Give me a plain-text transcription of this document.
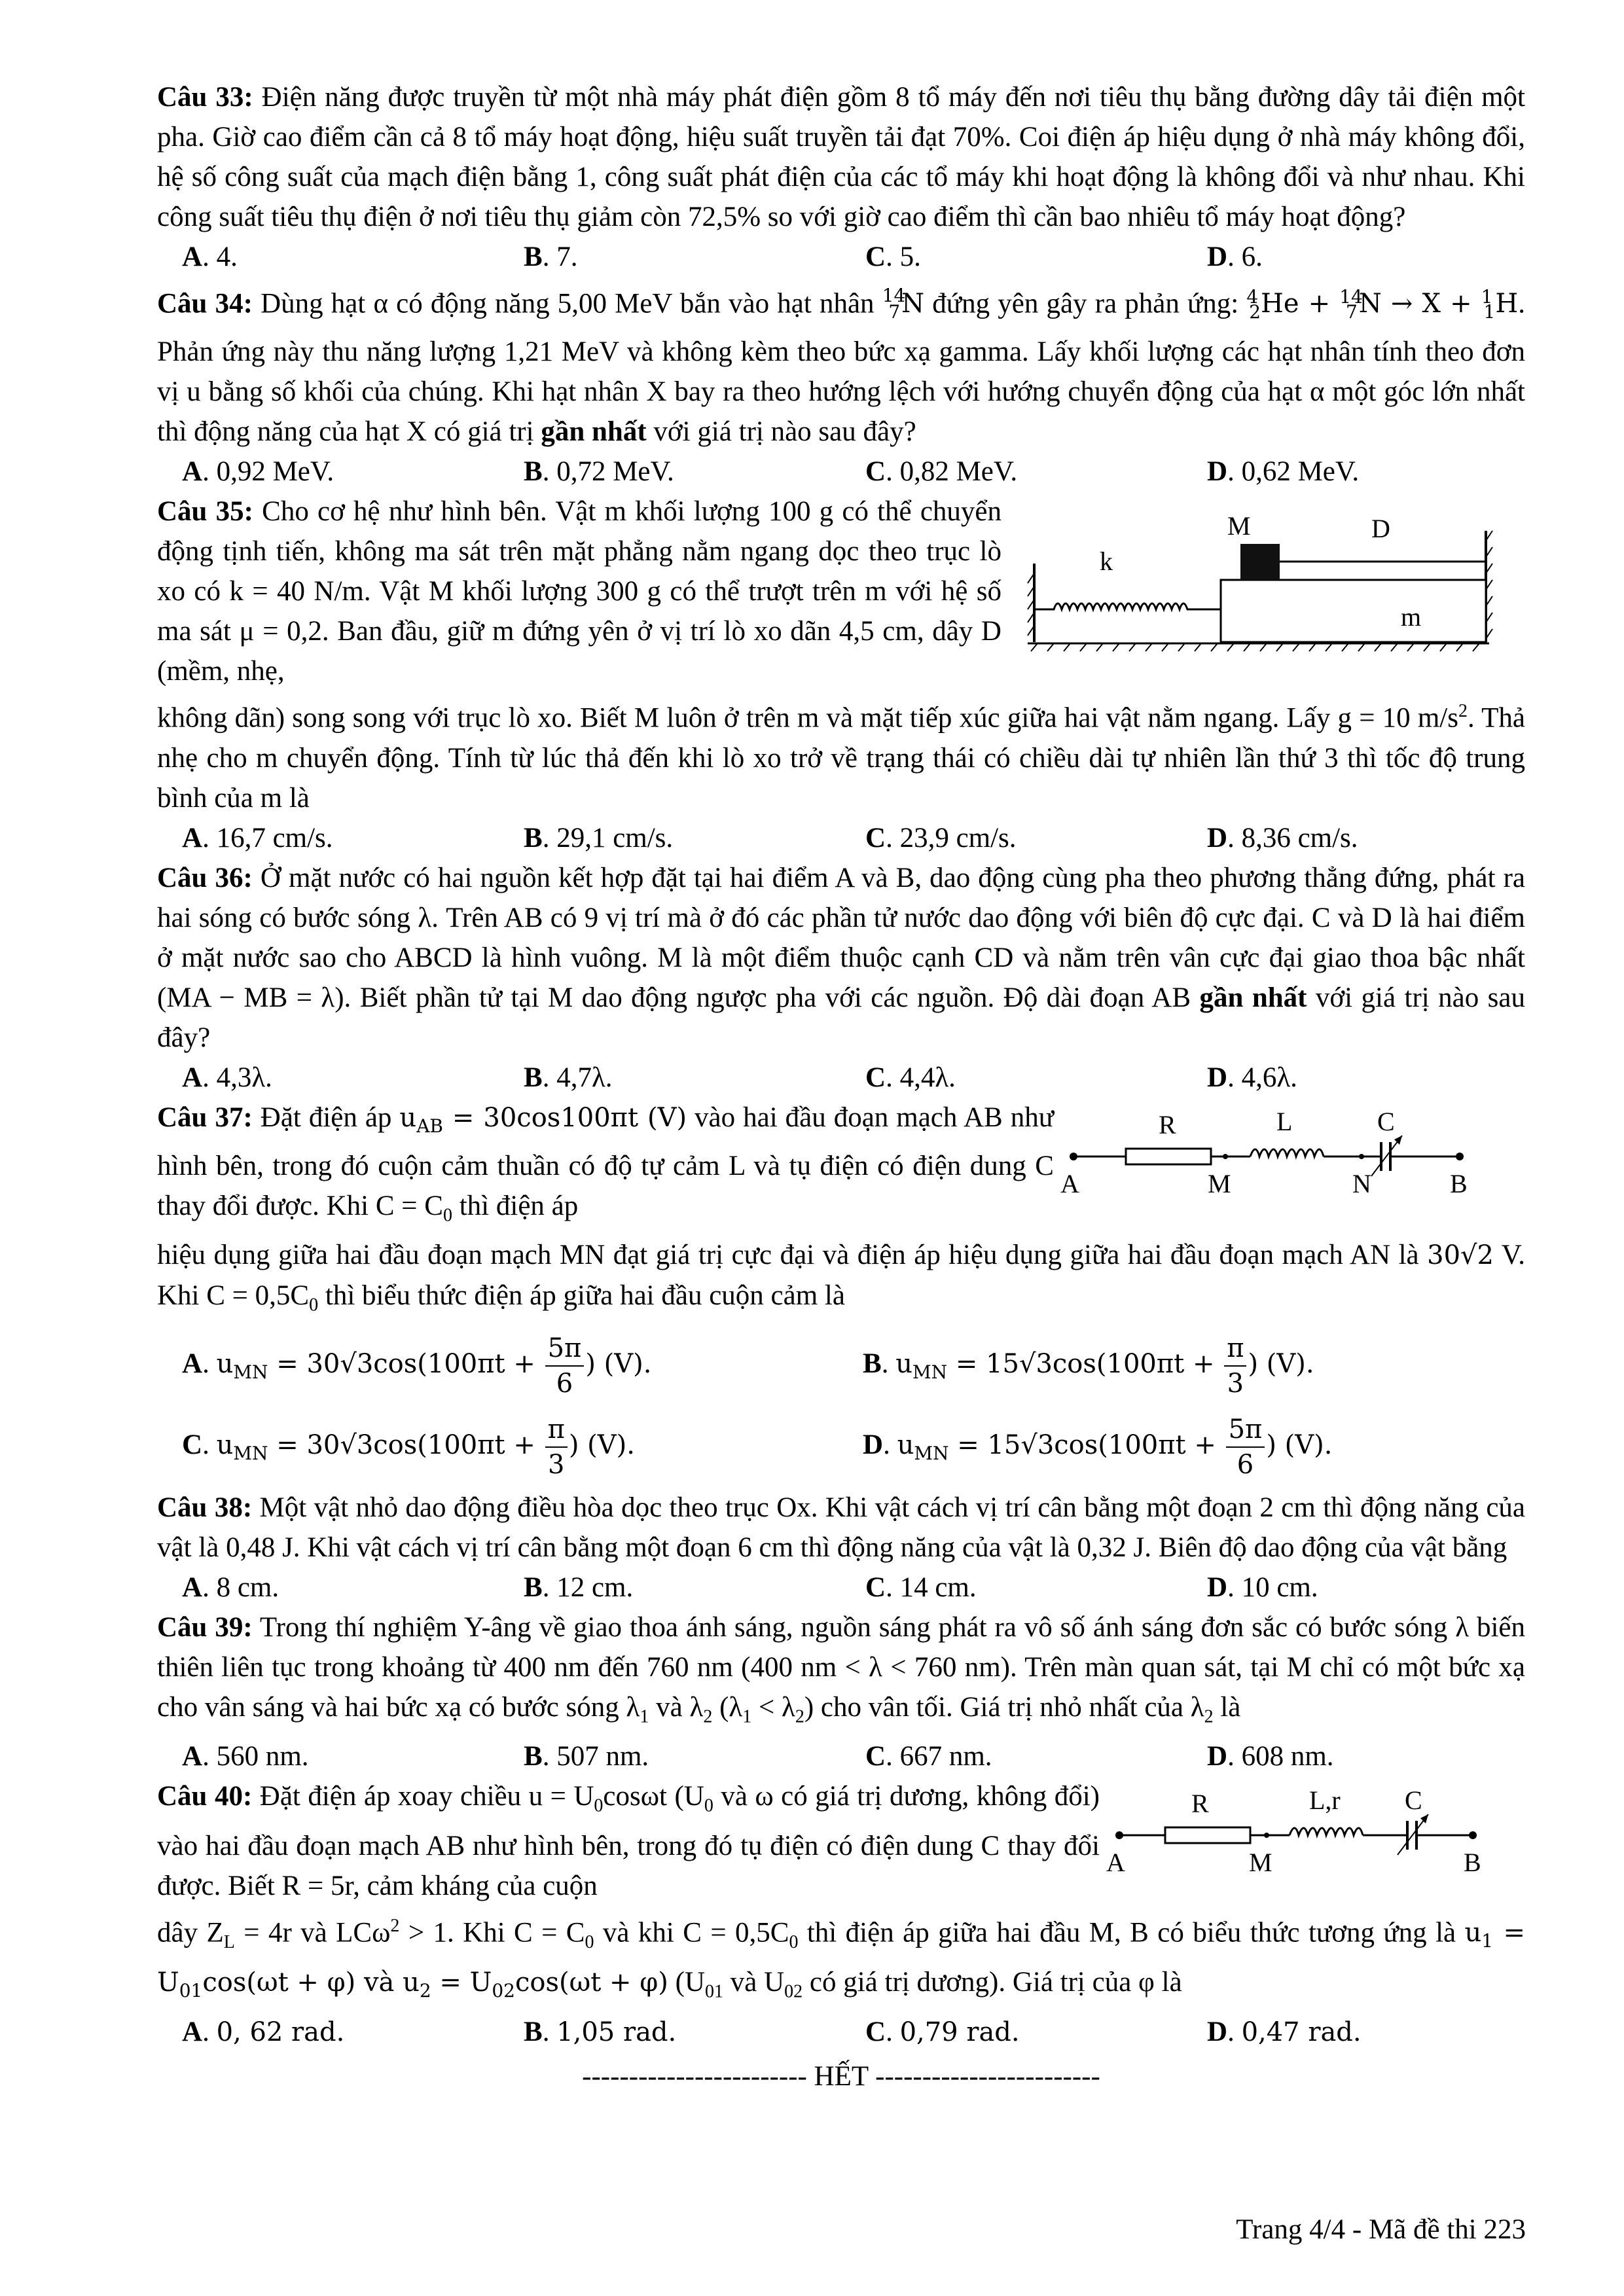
Câu 33: Điện năng được truyền từ một nhà máy phát điện gồm 8 tổ máy đến nơi tiêu thụ bằng đường dây tải điện một pha. Giờ cao điểm cần cả 8 tổ máy hoạt động, hiệu suất truyền tải đạt 70%. Coi điện áp hiệu dụng ở nhà máy không đổi, hệ số công suất của mạch điện bằng 1, công suất phát điện của các tổ máy khi hoạt động là không đổi và như nhau. Khi công suất tiêu thụ điện ở nơi tiêu thụ giảm còn 72,5% so với giờ cao điểm thì cần bao nhiêu tổ máy hoạt động?

A. 4.	B. 7.	C. 5.	D. 6.

Câu 34: Dùng hạt α có động năng 5,00 MeV bắn vào hạt nhân $^{14}_7$N đứng yên gây ra phản ứng: $^4_2$He + $^{14}_7$N → X + $^1_1$H. Phản ứng này thu năng lượng 1,21 MeV và không kèm theo bức xạ gamma. Lấy khối lượng các hạt nhân tính theo đơn vị u bằng số khối của chúng. Khi hạt nhân X bay ra theo hướng lệch với hướng chuyển động của hạt α một góc lớn nhất thì động năng của hạt X có giá trị gần nhất với giá trị nào sau đây?

A. 0,92 MeV.	B. 0,72 MeV.	C. 0,82 MeV.	D. 0,62 MeV.

Câu 35: Cho cơ hệ như hình bên. Vật m khối lượng 100 g có thể chuyển động tịnh tiến, không ma sát trên mặt phẳng nằm ngang dọc theo trục lò xo có k = 40 N/m. Vật M khối lượng 300 g có thể trượt trên m với hệ số ma sát μ = 0,2. Ban đầu, giữ m đứng yên ở vị trí lò xo dãn 4,5 cm, dây D (mềm, nhẹ,

k
M	D
m

không dãn) song song với trục lò xo. Biết M luôn ở trên m và mặt tiếp xúc giữa hai vật nằm ngang. Lấy g = 10 $m/s^2$. Thả nhẹ cho m chuyển động. Tính từ lúc thả đến khi lò xo trở về trạng thái có chiều dài tự nhiên lần thứ 3 thì tốc độ trung bình của m là

A. 16,7 cm/s.	B. 29,1 cm/s.	C. 23,9 cm/s.	D. 8,36 cm/s.

Câu 36: Ở mặt nước có hai nguồn kết hợp đặt tại hai điểm A và B, dao động cùng pha theo phương thẳng đứng, phát ra hai sóng có bước sóng λ. Trên AB có 9 vị trí mà ở đó các phần tử nước dao động với biên độ cực đại. C và D là hai điểm ở mặt nước sao cho ABCD là hình vuông. M là một điểm thuộc cạnh CD và nằm trên vân cực đại giao thoa bậc nhất (MA − MB = λ). Biết phần tử tại M dao động ngược pha với các nguồn. Độ dài đoạn AB gần nhất với giá trị nào sau đây?

A. 4,3λ.	B. 4,7λ.	C. 4,4λ.	D. 4,6λ.

Câu 37: Đặt điện áp $u_{AB} = 30\cos 100\pi t$ (V) vào hai đầu đoạn mạch AB như hình bên, trong đó cuộn cảm thuần có độ tự cảm L và tụ điện có điện dung C thay đổi được. Khi $C = C_0$ thì điện áp

R	L	C
A	M	N	B

hiệu dụng giữa hai đầu đoạn mạch MN đạt giá trị cực đại và điện áp hiệu dụng giữa hai đầu đoạn mạch AN là 30√2 V. Khi $C = 0,5C_0$ thì biểu thức điện áp giữa hai đầu cuộn cảm là

A. $u_{MN} = 30√3\cos(100\pi t + \frac{5\pi}{6}$ ) (V).	B. $u_{MN} = 15√3\cos(100\pi t + \frac{\pi}{3}$ ) (V).
C. $u_{MN} = 30√3\cos(100\pi t + \frac{\pi}{3}$ ) (V).	D. $u_{MN} = 15√3\cos(100\pi t + \frac{5\pi}{6}$ ) (V).

Câu 38: Một vật nhỏ dao động điều hòa dọc theo trục Ox. Khi vật cách vị trí cân bằng một đoạn 2 cm thì động năng của vật là 0,48 J. Khi vật cách vị trí cân bằng một đoạn 6 cm thì động năng của vật là 0,32 J. Biên độ dao động của vật bằng

A. 8 cm.	B. 12 cm.	C. 14 cm.	D. 10 cm.

Câu 39: Trong thí nghiệm Y-âng về giao thoa ánh sáng, nguồn sáng phát ra vô số ánh sáng đơn sắc có bước sóng λ biến thiên liên tục trong khoảng từ 400 nm đến 760 nm (400 nm < λ < 760 nm). Trên màn quan sát, tại M chỉ có một bức xạ cho vân sáng và hai bức xạ có bước sóng $\lambda_1$ và $\lambda_2$ $(\lambda_1 < \lambda_2)$ cho vân tối. Giá trị nhỏ nhất của $\lambda_2$ là

A. 560 nm.	B. 507 nm.	C. 667 nm.	D. 608 nm.

Câu 40: Đặt điện áp xoay chiều $u = U_0\cos\omega t$ ($U_0$ và ω có giá trị dương, không đổi) vào hai đầu đoạn mạch AB như hình bên, trong đó tụ điện có điện dung C thay đổi được. Biết R = 5r, cảm kháng của cuộn

R	L,r C
A	M	B

dây $Z_L = 4r$ và LCω$^2$ > 1. Khi $C = C_0$ và khi $C = 0,5C_0$ thì điện áp giữa hai đầu M, B có biểu thức tương ứng là $u_1 = U_{01}\cos(\omega t + \varphi)$ và $u_2 = U_{02}\cos(\omega t + \varphi)$ ($U_{01}$ và $U_{02}$ có giá trị dương). Giá trị của φ là

A. 0, 62 rad.	B. 1,05 rad.	C. 0,79 rad.	D. 0,47 rad.
------------------------ HẾT ------------------------
Trang 4/4 - Mã đề thi 223
